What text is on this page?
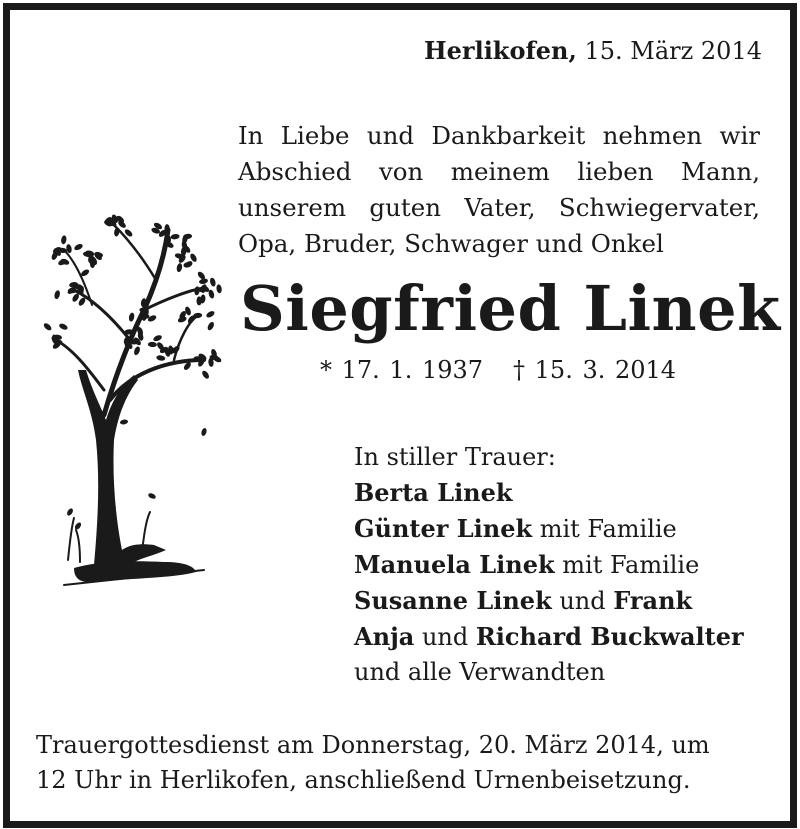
Herlikofen, 15. März 2014
In Liebe und Dankbarkeit nehmen wir
Abschied von meinem lieben Mann,
unserem guten Vater, Schwiegervater,
Opa, Bruder, Schwager und Onkel
Siegfried Linek
* 17. 1. 1937 † 15. 3. 2014
In stiller Trauer:
Berta Linek
Günter Linek mit Familie
Manuela Linek mit Familie
Susanne Linek und Frank
Anja und Richard Buckwalter
und alle Verwandten
Trauergottesdienst am Donnerstag, 20. März 2014, um
12 Uhr in Herlikofen, anschließend Urnenbeisetzung.
